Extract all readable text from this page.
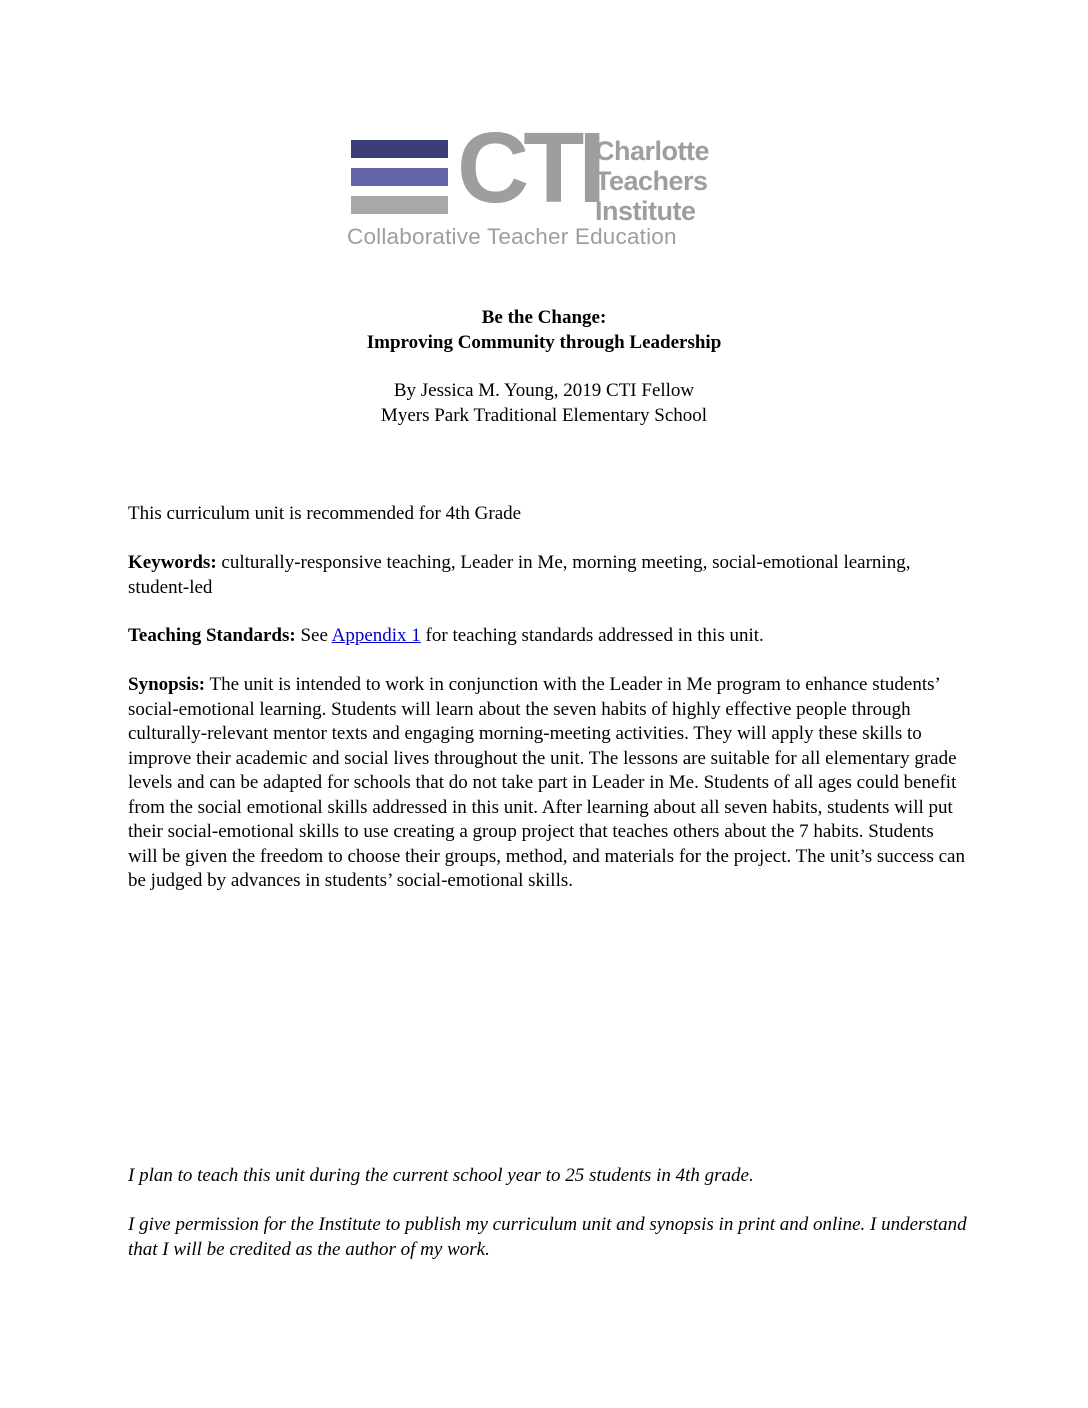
CTI
Charlotte
Teachers
Institute
Collaborative Teacher Education
Be the Change:
Improving Community through Leadership
By Jessica M. Young, 2019 CTI Fellow
Myers Park Traditional Elementary School

This curriculum unit is recommended for 4th Grade

Keywords: culturally-responsive teaching, Leader in Me, morning meeting, social-emotional learning, student-led

Teaching Standards: See Appendix 1 for teaching standards addressed in this unit.

Synopsis: The unit is intended to work in conjunction with the Leader in Me program to enhance students’ social-emotional learning. Students will learn about the seven habits of highly effective people through culturally-relevant mentor texts and engaging morning-meeting activities. They will apply these skills to improve their academic and social lives throughout the unit. The lessons are suitable for all elementary grade levels and can be adapted for schools that do not take part in Leader in Me. Students of all ages could benefit from the social emotional skills addressed in this unit. After learning about all seven habits, students will put their social-emotional skills to use creating a group project that teaches others about the 7 habits. Students will be given the freedom to choose their groups, method, and materials for the project. The unit’s success can be judged by advances in students’ social-emotional skills.

I plan to teach this unit during the current school year to 25 students in 4th grade.

I give permission for the Institute to publish my curriculum unit and synopsis in print and online. I understand that I will be credited as the author of my work.
